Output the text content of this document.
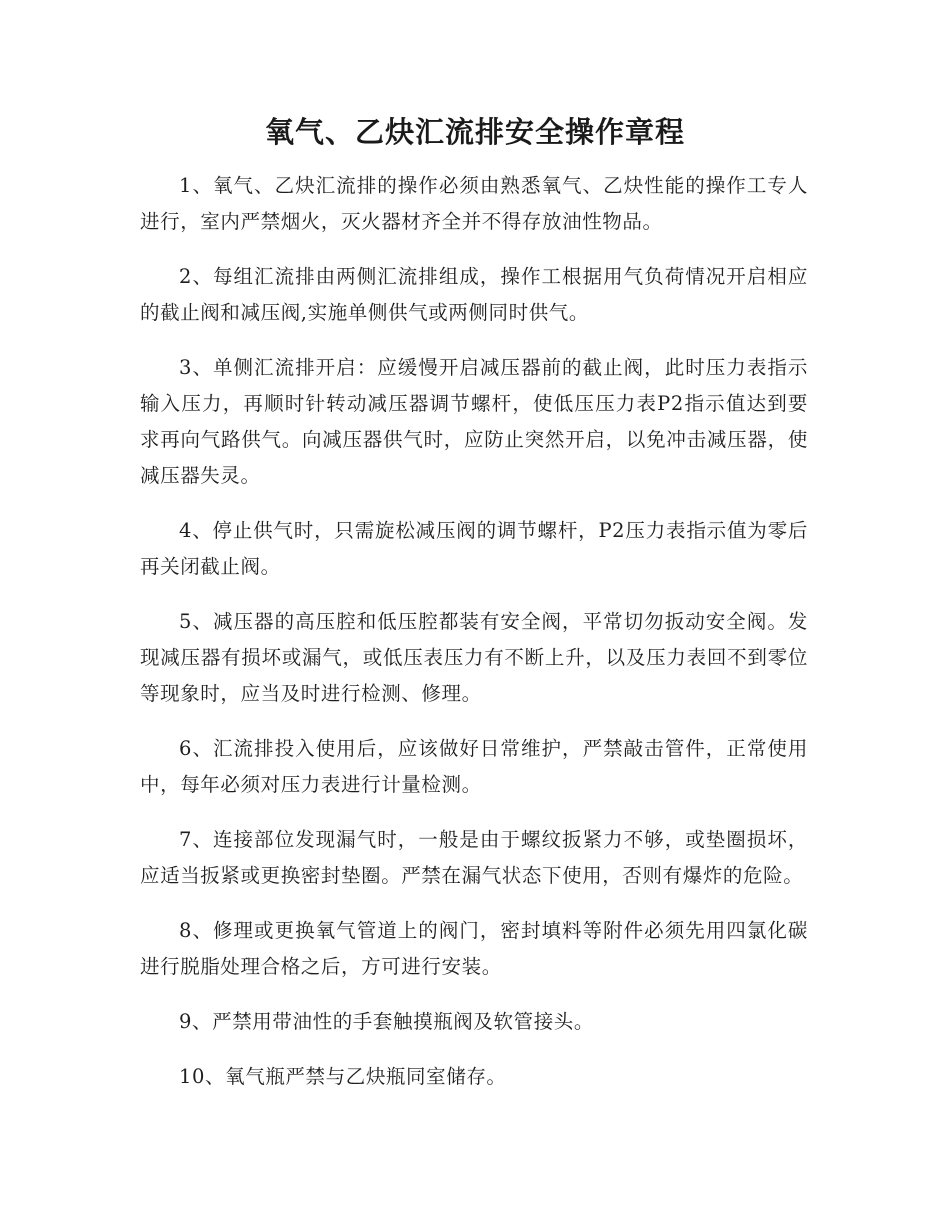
氧气、乙炔汇流排安全操作章程

1、氧气、乙炔汇流排的操作必须由熟悉氧气、乙炔性能的操作工专人进行，室内严禁烟火，灭火器材齐全并不得存放油性物品。

2、每组汇流排由两侧汇流排组成，操作工根据用气负荷情况开启相应的截止阀和减压阀,实施单侧供气或两侧同时供气。

3、单侧汇流排开启：应缓慢开启减压器前的截止阀，此时压力表指示输入压力，再顺时针转动减压器调节螺杆，使低压压力表P2指示值达到要求再向气路供气。向减压器供气时，应防止突然开启，以免冲击减压器，使减压器失灵。

4、停止供气时，只需旋松减压阀的调节螺杆，P2压力表指示值为零后再关闭截止阀。

5、减压器的高压腔和低压腔都装有安全阀，平常切勿扳动安全阀。发现减压器有损坏或漏气，或低压表压力有不断上升，以及压力表回不到零位等现象时，应当及时进行检测、修理。

6、汇流排投入使用后，应该做好日常维护，严禁敲击管件，正常使用中，每年必须对压力表进行计量检测。

7、连接部位发现漏气时，一般是由于螺纹扳紧力不够，或垫圈损坏，应适当扳紧或更换密封垫圈。严禁在漏气状态下使用，否则有爆炸的危险。

8、修理或更换氧气管道上的阀门，密封填料等附件必须先用四氯化碳进行脱脂处理合格之后，方可进行安装。

9、严禁用带油性的手套触摸瓶阀及软管接头。

10、氧气瓶严禁与乙炔瓶同室储存。
